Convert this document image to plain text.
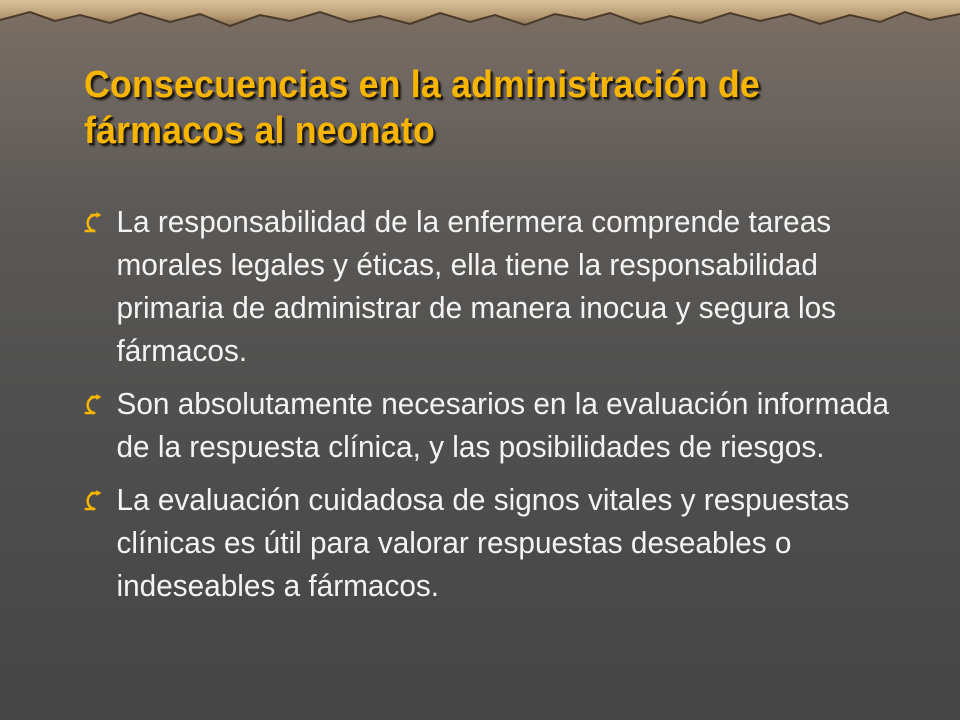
Consecuencias en la administración de fármacos al neonato
La responsabilidad de la enfermera comprende tareas morales legales y éticas, ella tiene la responsabilidad primaria de administrar de manera inocua y segura los fármacos.
Son absolutamente necesarios en la evaluación informada de la respuesta clínica, y las posibilidades de riesgos.
La evaluación cuidadosa de signos vitales y respuestas clínicas es útil para valorar respuestas deseables o indeseables a fármacos.
